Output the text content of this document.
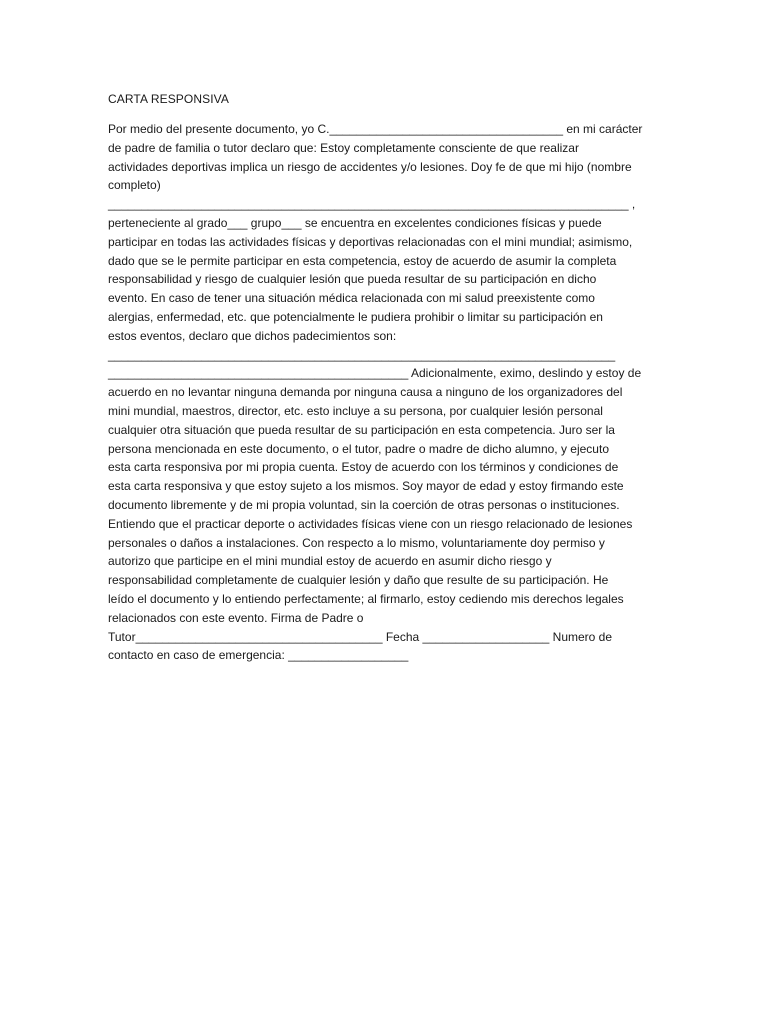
CARTA RESPONSIVA
Por medio del presente documento, yo C.___________________________________ en mi carácter
de padre de familia o tutor declaro que: Estoy completamente consciente de que realizar
actividades deportivas implica un riesgo de accidentes y/o lesiones. Doy fe de que mi hijo (nombre
completo)
______________________________________________________________________________ ,
perteneciente al grado___ grupo___ se encuentra en excelentes condiciones físicas y puede
participar en todas las actividades físicas y deportivas relacionadas con el mini mundial; asimismo,
dado que se le permite participar en esta competencia, estoy de acuerdo de asumir la completa
responsabilidad y riesgo de cualquier lesión que pueda resultar de su participación en dicho
evento. En caso de tener una situación médica relacionada con mi salud preexistente como
alergias, enfermedad, etc. que potencialmente le pudiera prohibir o limitar su participación en
estos eventos, declaro que dichos padecimientos son:
____________________________________________________________________________
_____________________________________________ Adicionalmente, eximo, deslindo y estoy de
acuerdo en no levantar ninguna demanda por ninguna causa a ninguno de los organizadores del
mini mundial, maestros, director, etc. esto incluye a su persona, por cualquier lesión personal
cualquier otra situación que pueda resultar de su participación en esta competencia. Juro ser la
persona mencionada en este documento, o el tutor, padre o madre de dicho alumno, y ejecuto
esta carta responsiva por mi propia cuenta. Estoy de acuerdo con los términos y condiciones de
esta carta responsiva y que estoy sujeto a los mismos. Soy mayor de edad y estoy firmando este
documento libremente y de mi propia voluntad, sin la coerción de otras personas o instituciones.
Entiendo que el practicar deporte o actividades físicas viene con un riesgo relacionado de lesiones
personales o daños a instalaciones. Con respecto a lo mismo, voluntariamente doy permiso y
autorizo que participe en el mini mundial estoy de acuerdo en asumir dicho riesgo y
responsabilidad completamente de cualquier lesión y daño que resulte de su participación. He
leído el documento y lo entiendo perfectamente; al firmarlo, estoy cediendo mis derechos legales
relacionados con este evento. Firma de Padre o
Tutor_____________________________________ Fecha ___________________ Numero de
contacto en caso de emergencia: __________________
